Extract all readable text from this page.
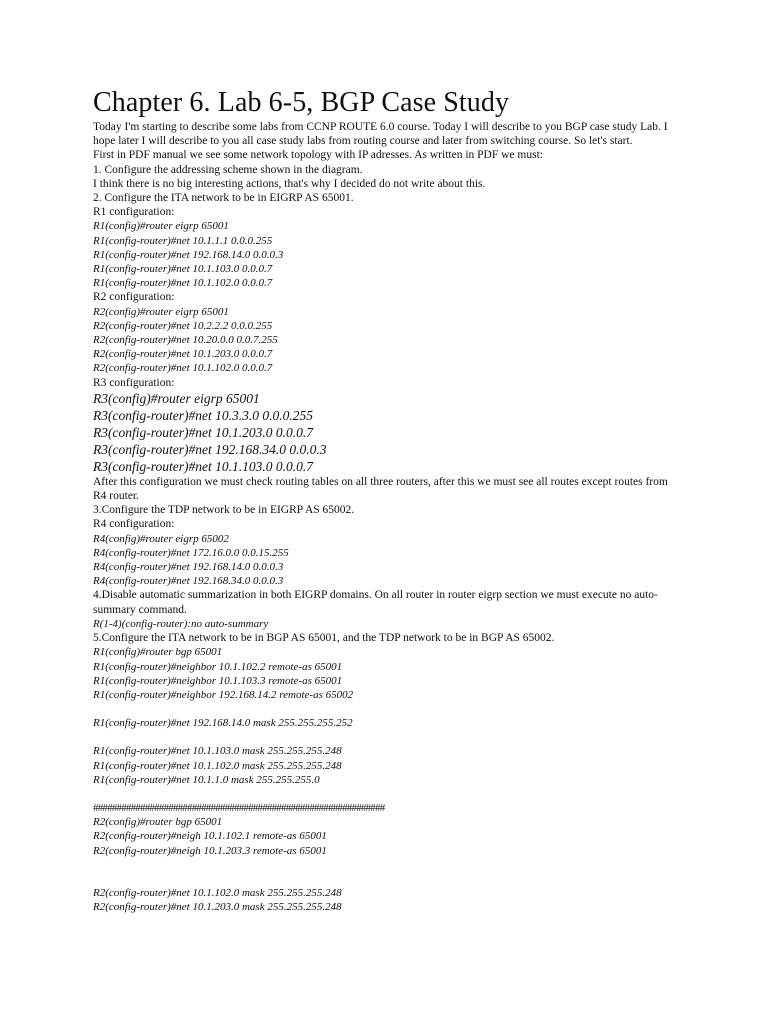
Chapter 6. Lab 6-5, BGP Case Study

Today I'm starting to describe some labs from CCNP ROUTE 6.0 course. Today I will describe to you BGP case study Lab. I hope later I will describe to you all case study labs from routing course and later from switching course. So let's start.

First in PDF manual we see some network topology with IP adresses. As written in PDF we must:

1. Configure the addressing scheme shown in the diagram.

I think there is no big interesting actions, that's why I decided do not write about this.

2. Configure the ITA network to be in EIGRP AS 65001.

R1 configuration:

R1(config)#router eigrp 65001

R1(config-router)#net 10.1.1.1 0.0.0.255

R1(config-router)#net 192.168.14.0 0.0.0.3

R1(config-router)#net 10.1.103.0 0.0.0.7

R1(config-router)#net 10.1.102.0 0.0.0.7

R2 configuration:

R2(config)#router eigrp 65001

R2(config-router)#net 10.2.2.2 0.0.0.255

R2(config-router)#net 10.20.0.0 0.0.7.255

R2(config-router)#net 10.1.203.0 0.0.0.7

R2(config-router)#net 10.1.102.0 0.0.0.7

R3 configuration:

R3(config)#router eigrp 65001

R3(config-router)#net 10.3.3.0 0.0.0.255

R3(config-router)#net 10.1.203.0 0.0.0.7

R3(config-router)#net 192.168.34.0 0.0.0.3

R3(config-router)#net 10.1.103.0 0.0.0.7

After this configuration we must check routing tables on all three routers, after this we must see all routes except routes from R4 router.

3.Configure the TDP network to be in EIGRP AS 65002.

R4 configuration:

R4(config)#router eigrp 65002

R4(config-router)#net 172.16.0.0 0.0.15.255

R4(config-router)#net 192.168.14.0 0.0.0.3

R4(config-router)#net 192.168.34.0 0.0.0.3

4.Disable automatic summarization in both EIGRP domains. On all router in router eigrp section we must execute no auto-summary command.

R(1-4)(config-router):no auto-summary

5.Configure the ITA network to be in BGP AS 65001, and the TDP network to be in BGP AS 65002.

R1(config)#router bgp 65001

R1(config-router)#neighbor 10.1.102.2 remote-as 65001

R1(config-router)#neighbor 10.1.103.3 remote-as 65001

R1(config-router)#neighbor 192.168.14.2 remote-as 65002

R1(config-router)#net 192.168.14.0 mask 255.255.255.252

R1(config-router)#net 10.1.103.0 mask 255.255.255.248

R1(config-router)#net 10.1.102.0 mask 255.255.255.248

R1(config-router)#net 10.1.1.0 mask 255.255.255.0

##############################################################

R2(config)#router bgp 65001

R2(config-router)#neigh 10.1.102.1 remote-as 65001

R2(config-router)#neigh 10.1.203.3 remote-as 65001

R2(config-router)#net 10.1.102.0 mask 255.255.255.248

R2(config-router)#net 10.1.203.0 mask 255.255.255.248
